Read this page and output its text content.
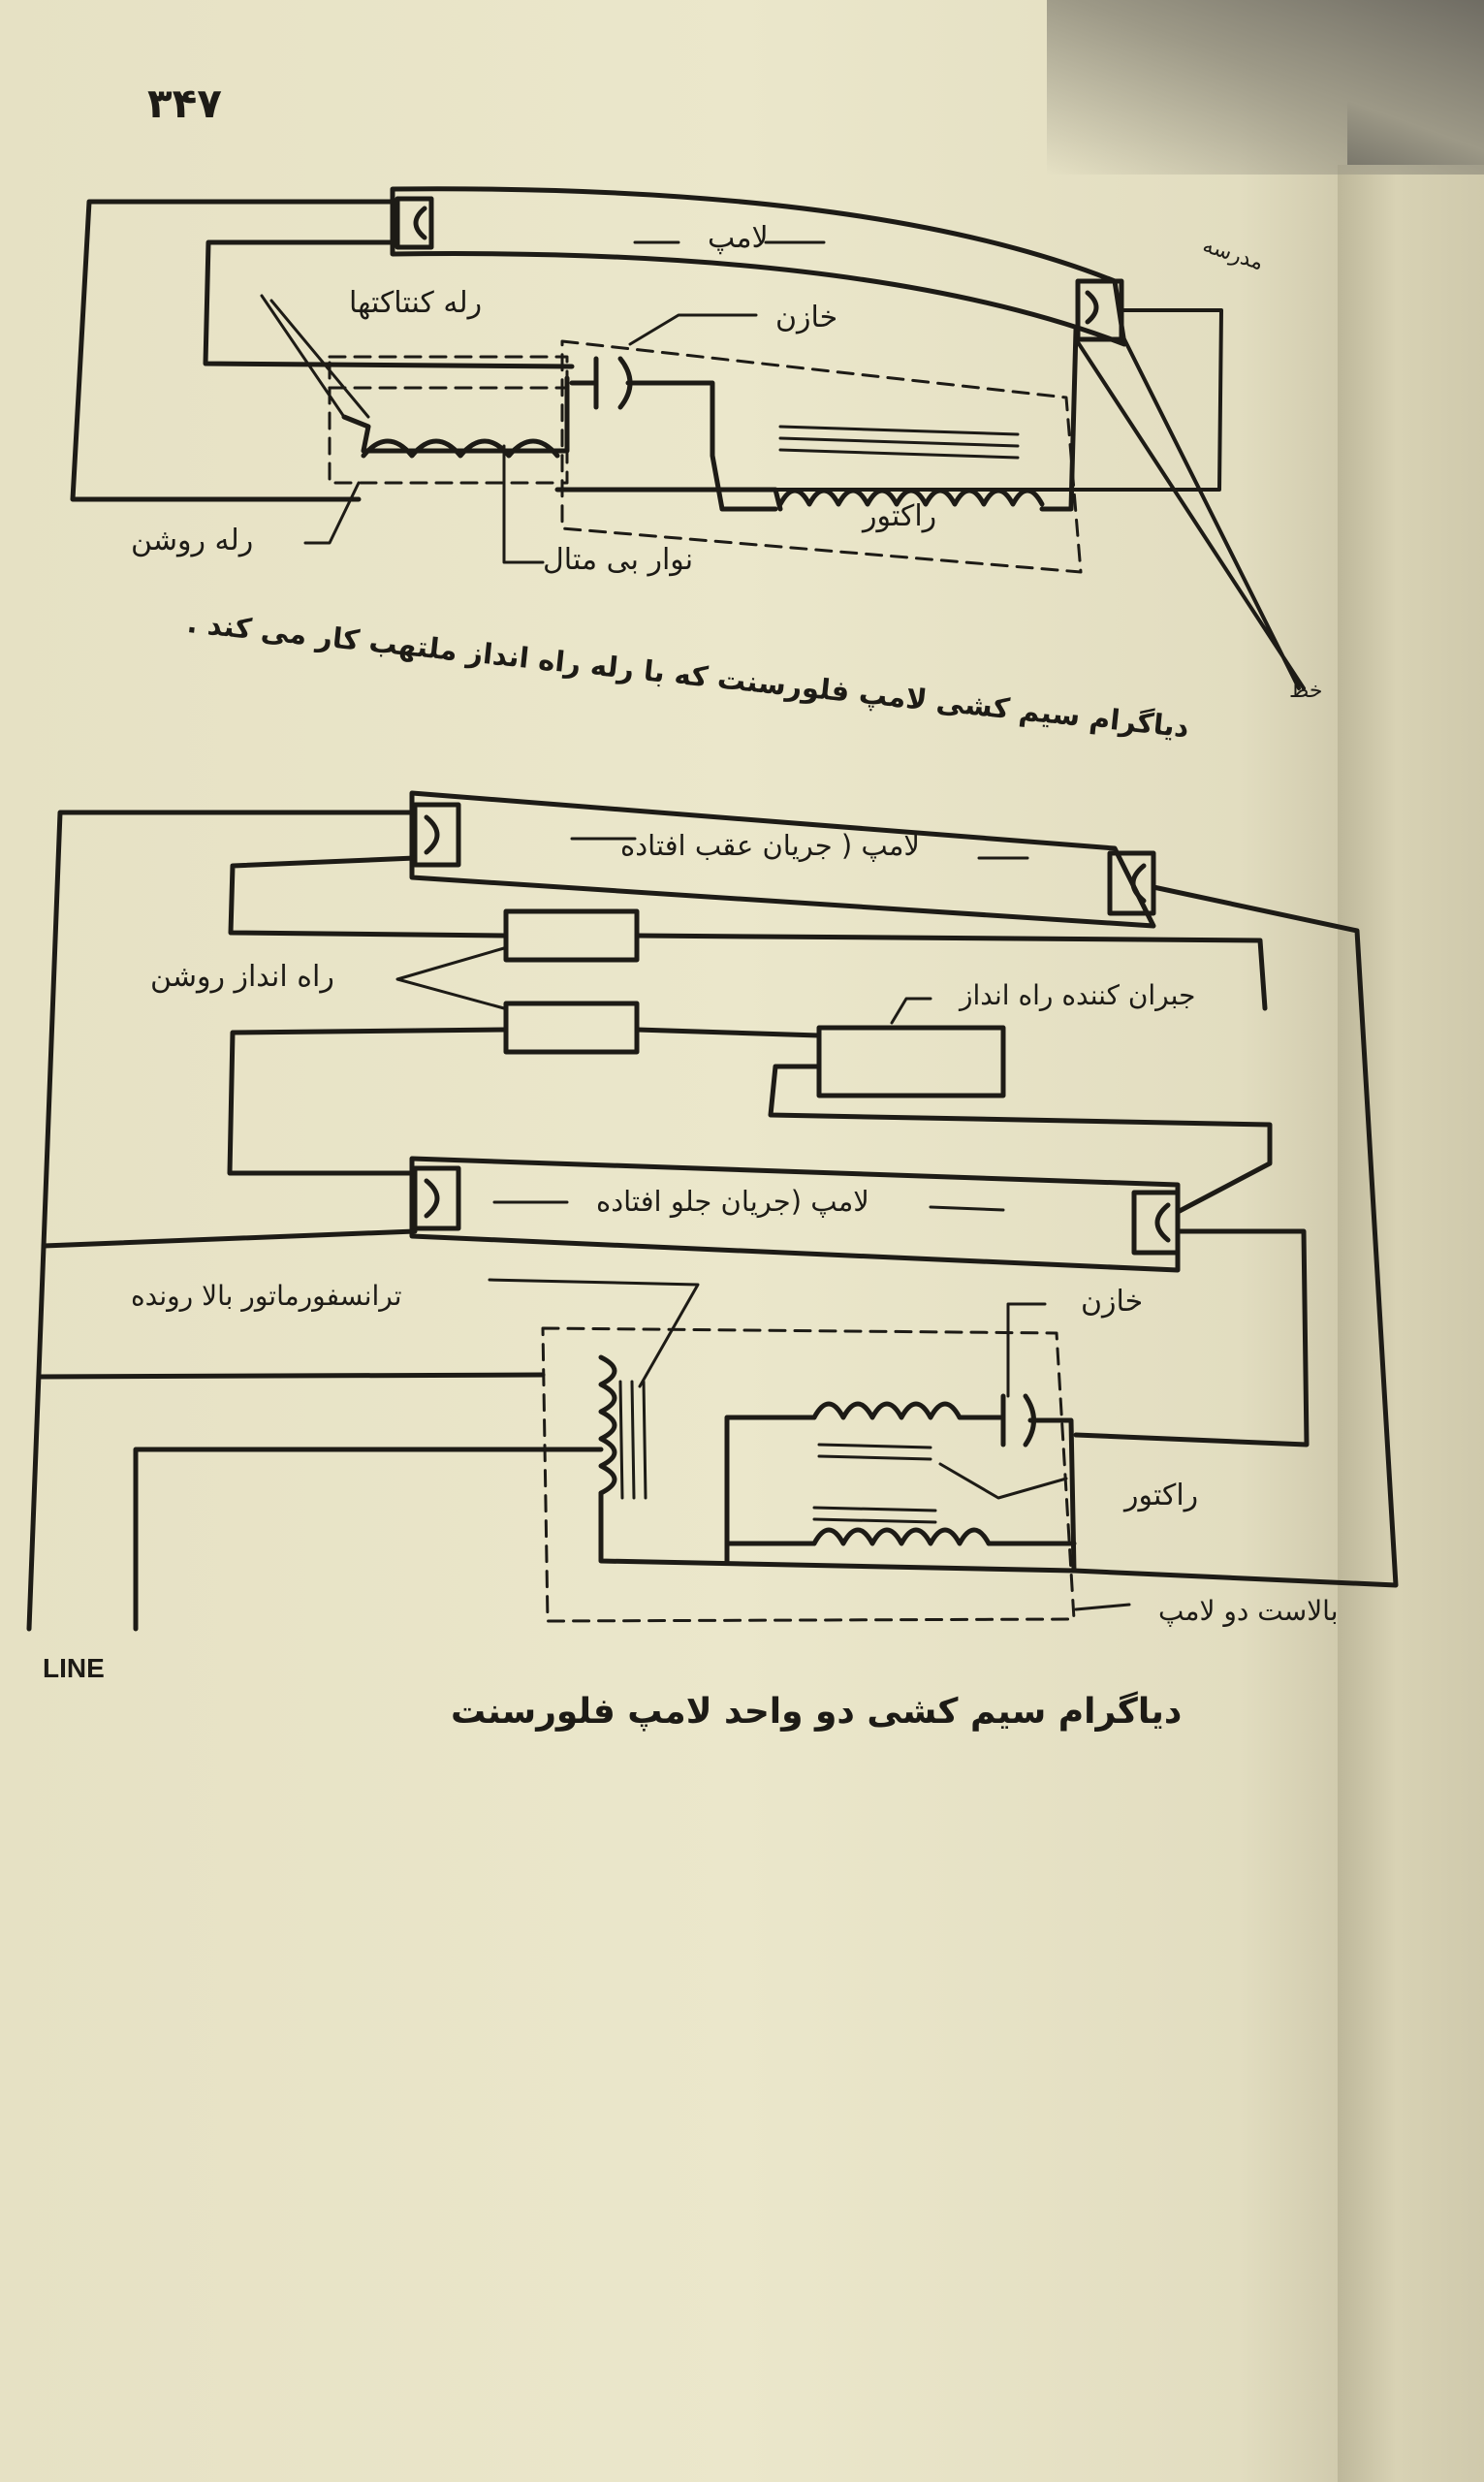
۳۴۷
مدرسه
لامپ
رله کنتاکتها	خازن
رله روشن
نوار بی متال
راکتور
خط
دیاگرام سیم کشی لامپ فلورسنت که با رله راه انداز ملتهب کار می کند .
لامپ ( جریان عقب افتاده
راه انداز روشن
جبران کننده راه انداز
لامپ (جریان جلو افتاده
ترانسفورماتور بالا رونده	خازن
راکتور
بالاست دو لامپ
LINE
دیاگرام سیم کشی دو واحد لامپ فلورسنت
